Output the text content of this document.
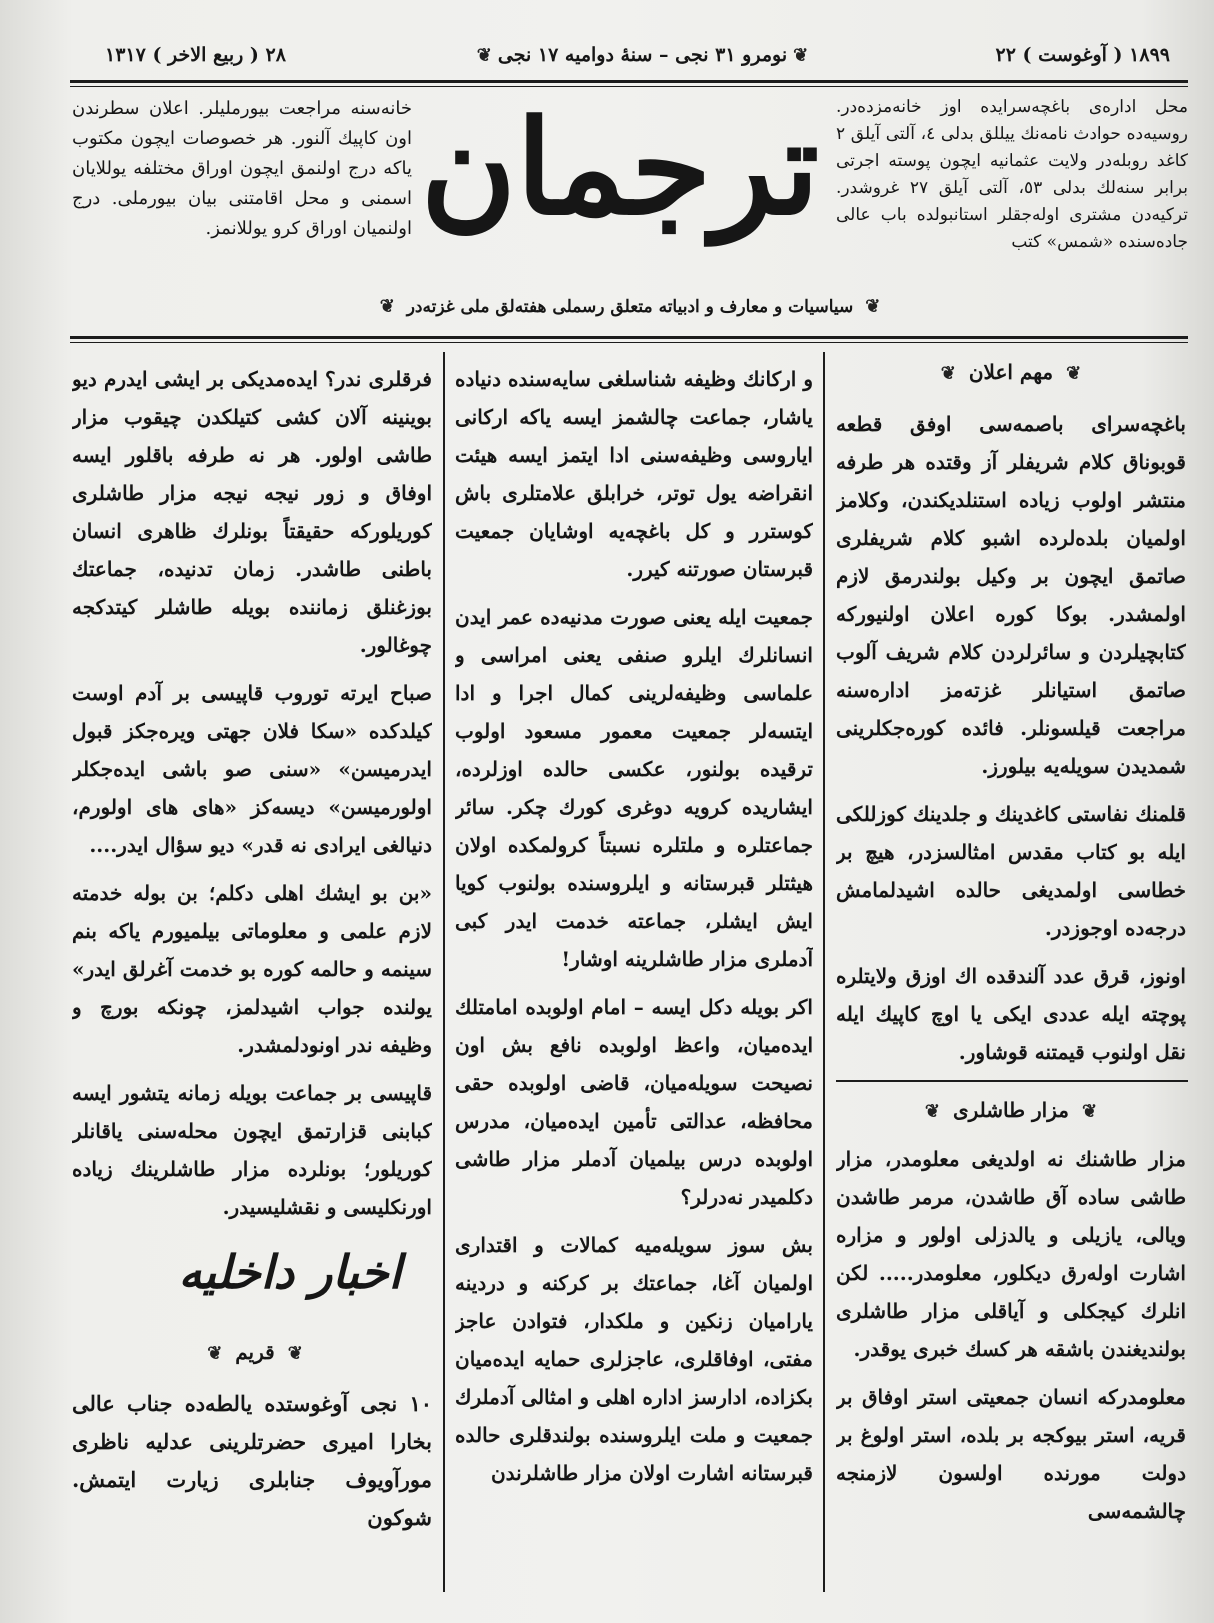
١٨٩٩ ( آوغوست ) ٢٢
❦نومرو ٣١ نجی – سنهٔ دوامیه ١٧ نجی❦
٢٨ ( ربیع الاخر ) ١٣١٧
محل اداره‌ی باغچه‌سرایده اوز خانه‌مزده‌در. روسیه‌ده حوادث نامه‌نك ییللق بدلی ٤، آلتی آیلق ٢ کاغد روبله‌در ولایت عثمانیه ایچون پوسته اجرتی برابر سنه‌لك بدلی ٥٣، آلتی آیلق ٢٧ غروشدر. ترکیه‌دن مشتری اوله‌جقلر استانبولده باب عالی جاده‌سنده «شمس» کتب
ترجمان
خانه‌سنه مراجعت بیورملیلر. اعلان سطرندن اون کاپیك آلنور. هر خصوصات ایچون مکتوب یاکه درج اولنمق ایچون اوراق مختلفه یوللایان اسمنی و محل اقامتنی بیان بیورملی. درج اولنمیان اوراق کرو یوللانمز.
❦ سیاسیات و معارف و ادبیاته متعلق رسملی هفته‌لق ملی غزته‌در ❦
❦ مهم اعلان ❦

باغچه‌سرای باصمه‌سی اوفق قطعه قوبوناق کلام شریفلر آز وقتده هر طرفه منتشر اولوب زیاده استنلدیکندن، وکلامز اولمیان بلده‌لرده اشبو کلام شریفلری صاتمق ایچون بر وکیل بولندرمق لازم اولمشدر. بوکا کوره اعلان اولنیورکه کتابچیلردن و سائرلردن کلام شریف آلوب صاتمق استیانلر غزته‌مز اداره‌سنه مراجعت قیلسونلر. فائده کوره‌جکلرینی شمدیدن سویله‌یه بیلورز.

قلمنك نفاستی کاغدینك و جلدینك کوزللکی ایله بو کتاب مقدس امثالسزدر، هیچ بر خطاسی اولمدیغی حالده اشیدلمامش درجه‌ده اوجوزدر.

اونوز، قرق عدد آلندقده اك اوزق ولایتلره پوچته ایله عددی ایکی یا اوچ کاپیك ایله نقل اولنوب قیمتنه قوشاور.

❦ مزار طاشلری ❦

مزار طاشنك نه اولدیغی معلومدر، مزار طاشی ساده آق طاشدن، مرمر طاشدن ویالی، یازیلی و یالدزلی اولور و مزاره اشارت اوله‌رق دیکلور، معلومدر..... لکن انلرك کیجکلی و آیاقلی مزار طاشلری بولندیغندن باشقه هر کسك خبری یوقدر.

معلومدرکه انسان جمعیتی استر اوفاق بر قریه، استر بیوکجه بر بلده، استر اولوغ بر دولت مورنده اولسون لازمنجه چالشمه‌سی

و ارکانك وظیفه شناسلغی سایه‌سنده دنیاده یاشار، جماعت چالشمز ایسه یاکه ارکانی ایاروسی وظیفه‌سنی ادا ایتمز ایسه هیئت انقراضه یول توتر، خرابلق علامتلری باش کوسترر و کل باغچه‌یه اوشایان جمعیت قبرستان صورتنه کیرر.

جمعیت ایله یعنی صورت مدنیه‌ده عمر ایدن انسانلرك ایلرو صنفی یعنی امراسی و علماسی وظیفه‌لرینی کمال اجرا و ادا ایتسه‌لر جمعیت معمور مسعود اولوب ترقیده بولنور، عکسی حالده اوزلرده، ایشاریده کرویه دوغری کورك چکر. سائر جماعتلره و ملتلره نسبتاً کرولمکده اولان هیثتلر قبرستانه و ایلروسنده بولنوب کویا ایش ایشلر، جماعته خدمت ایدر کبی آدملری مزار طاشلرینه اوشار!

اکر بویله دکل ایسه – امام اولوبده امامتلك ایده‌میان، واعظ اولوبده نافع بش اون نصیحت سویله‌میان، قاضی اولوبده حقی محافظه، عدالتی تأمین ایده‌میان، مدرس اولوبده درس بیلمیان آدملر مزار طاشی دکلمیدر نه‌درلر؟

بش سوز سویله‌میه کمالات و اقتداری اولمیان آغا، جماعتك بر کرکنه و دردینه یارامیان زنکین و ملکدار، فتوادن عاجز مفتی، اوفاقلری، عاجزلری حمایه ایده‌میان بکزاده، ادارسز اداره اهلی و امثالی آدملرك جمعیت و ملت ایلروسنده بولندقلری حالده قبرستانه اشارت اولان مزار طاشلرندن

فرقلری ندر؟ ایده‌مدیکی بر ایشی ایدرم دیو بوینینه آلان کشی کتیلکدن چیقوب مزار طاشی اولور. هر نه طرفه باقلور ایسه اوفاق و زور نیجه نیجه مزار طاشلری کوریلورکه حقیقتاً بونلرك ظاهری انسان باطنی طاشدر. زمان تدنیده، جماعتك بوزغنلق زماننده بویله طاشلر کیتدکجه چوغالور.

صباح ایرته توروب قاپیسی بر آدم اوست کیلدکده «سکا فلان جهتی ویره‌جکز قبول ایدرمیسن» «سنی صو باشی ایده‌جکلر اولورمیسن» دیسه‌کز «های های اولورم، دنیالغی ایرادی نه قدر» دیو سؤال ایدر....

«بن بو ایشك اهلی دکلم؛ بن بوله خدمته لازم علمی و معلوماتی بیلمیورم یاکه بنم سینمه و حالمه کوره بو خدمت آغرلق ایدر» یولنده جواب اشیدلمز، چونکه بورچ و وظیفه ندر اونودلمشدر.

قاپیسی بر جماعت بویله زمانه یتشور ایسه کبابنی قزارتمق ایچون محله‌سنی یاقانلر کوریلور؛ بونلرده مزار طاشلرینك زیاده اورنکلیسی و نقشلیسیدر.

اخبار داخلیه
❦ قریم ❦

١٠ نجی آوغوستده یالطه‌ده جناب عالی بخارا امیری حضرتلرینی عدلیه ناظری مورآویوف جنابلری زیارت ایتمش. شوکون
